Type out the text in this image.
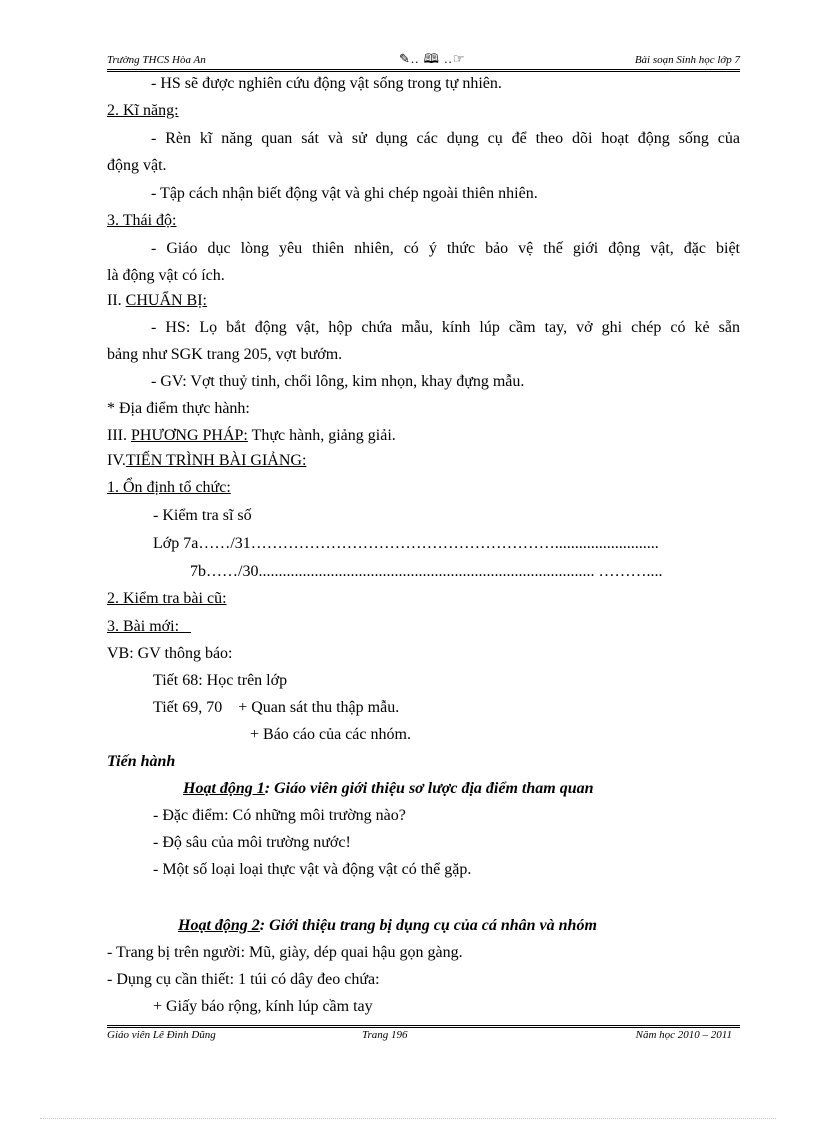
Trường THCS Hòa An	✎.. 🕮 ..☞	Bài soạn Sinh học lớp 7
- HS sẽ được nghiên cứu động vật sống trong tự nhiên.
2. Kĩ năng:
- Rèn kĩ năng quan sát và sử dụng các dụng cụ để theo dõi hoạt động sống của
động vật.
- Tập cách nhận biết động vật và ghi chép ngoài thiên nhiên.
3. Thái độ:
- Giáo dục lòng yêu thiên nhiên, có ý thức bảo vệ thế giới động vật, đặc biệt
là động vật có ích.
II. CHUẨN BỊ:
- HS: Lọ bắt động vật, hộp chứa mẫu, kính lúp cầm tay, vở ghi chép có kẻ sẵn
bảng như SGK trang 205, vợt bướm.
- GV: Vợt thuỷ tinh, chổi lông, kim nhọn, khay đựng mẫu.
* Địa điểm thực hành:
III. PHƯƠNG PHÁP: Thực hành, giảng giải.
IV.TIẾN TRÌNH BÀI GIẢNG:
1. Ổn định tổ chức:
- Kiểm tra sĩ số
Lớp 7a……/31…………………………………………………..........................
7b……/30.................................................................................... ………....
2. Kiểm tra bài cũ:
3. Bài mới:
VB: GV thông báo:
Tiết 68: Học trên lớp
Tiết 69, 70    + Quan sát thu thập mẫu.
+ Báo cáo của các nhóm.
Tiến hành
Hoạt động 1: Giáo viên giới thiệu sơ lược địa điểm tham quan
- Đặc điểm: Có những môi trường nào?
- Độ sâu của môi trường nước!
- Một số loại loại thực vật và động vật có thể gặp.
Hoạt động 2: Giới thiệu trang bị dụng cụ của cá nhân và nhóm
- Trang bị trên người: Mũ, giày, dép quai hậu gọn gàng.
- Dụng cụ cần thiết: 1 túi có dây đeo chứa:
+ Giấy báo rộng, kính lúp cầm tay
Giáo viên Lê Đình Dũng	Trang 196	Năm học 2010 – 2011
